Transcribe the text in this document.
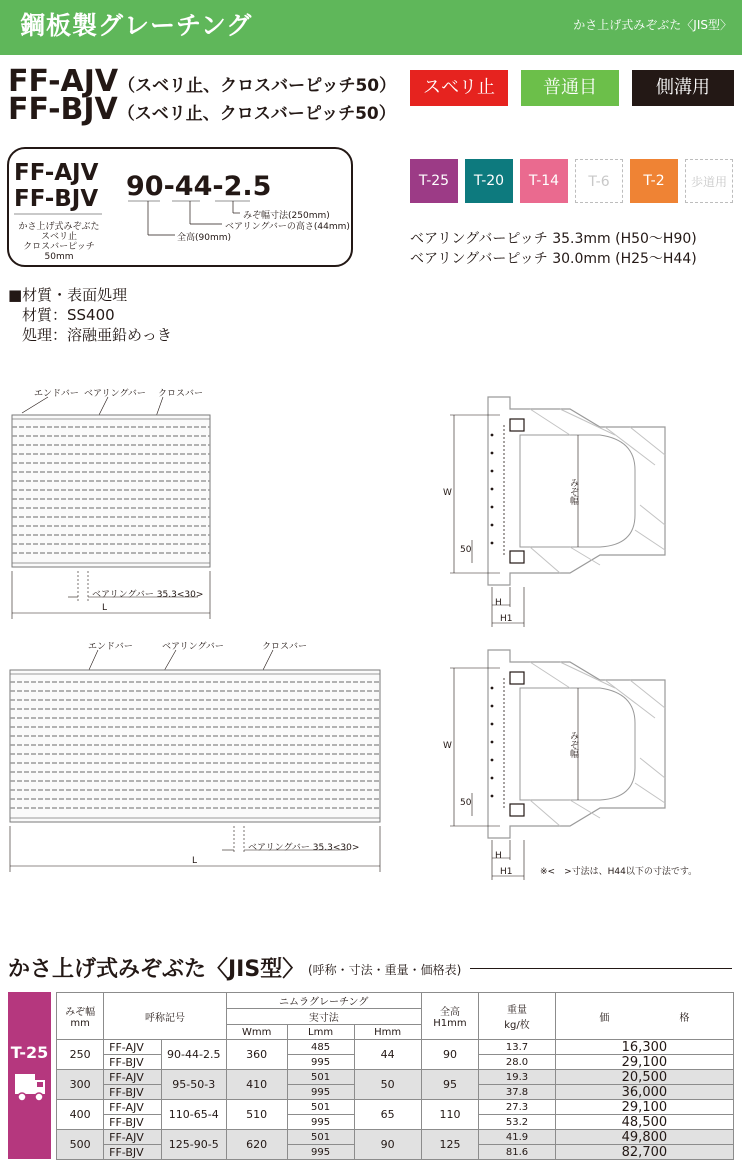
鋼板製グレーチング	かさ上げ式みぞぶた〈JIS型〉
FF-AJV（スベリ止、クロスバーピッチ50）
FF-BJV（スベリ止、クロスバーピッチ50）
スベリ止	普通目	側溝用
FF-AJV
FF-BJV
かさ上げ式みぞぶた
スベリ止
クロスバーピッチ50mm
90-44-2.5
みぞ幅寸法(250mm)
ベアリングバーの高さ(44mm)
全高(90mm)
T-25	T-20	T-14	T-6	T-2	歩道用
ベアリングバーピッチ 35.3mm (H50〜H90)
ベアリングバーピッチ 30.0mm (H25〜H44)
■材質・表面処理
材質：SS400
処理：溶融亜鉛めっき
エンドバー ベアリングバー クロスバー
ベアリングバー 35.3<30>
L
W
50
みぞ幅
H
H1
エンドバー	ベアリングバー	クロスバー
ベアリングバー 35.3<30>
L
W
50
みぞ幅
H
H1	※<　>寸法は、H44以下の寸法です。
かさ上げ式みぞぶた〈JIS型〉 (呼称・寸法・重量・価格表)
T-25
みぞ幅
mm	呼称記号		ニムラグレーチング			全高
H1mm	重量
kg/枚	価 格
			実寸法					
			Wmm	Lmm	Hmm			
250	FF-AJV	90-44-2.5	360	485	44	90	13.7	16,300
	FF-BJV			995			28.0	29,100
300	FF-AJV	95-50-3	410	501	50	95	19.3	20,500
	FF-BJV			995			37.8	36,000
400	FF-AJV	110-65-4	510	501	65	110	27.3	29,100
	FF-BJV			995			53.2	48,500
500	FF-AJV	125-90-5	620	501	90	125	41.9	49,800
	FF-BJV			995			81.6	82,700
